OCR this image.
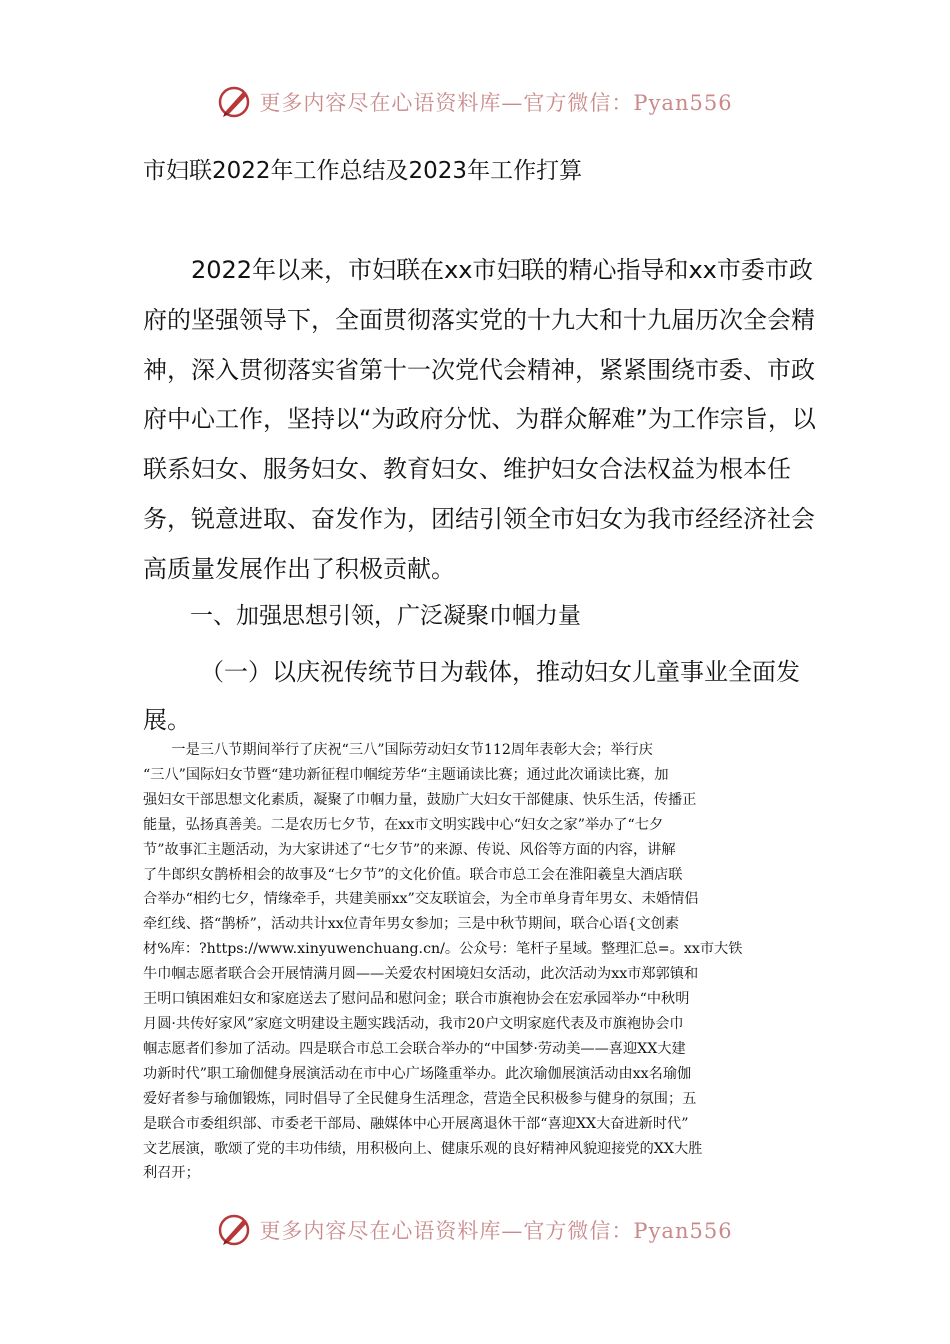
更多内容尽在心语资料库—官方微信：Pyan556
市妇联2022年工作总结及2023年工作打算

2022年以来，市妇联在xx市妇联的精心指导和xx市委市政府的坚强领导下，全面贯彻落实党的十九大和十九届历次全会精神，深入贯彻落实省第十一次党代会精神，紧紧围绕市委、市政府中心工作，坚持以“为政府分忧、为群众解难”为工作宗旨，以联系妇女、服务妇女、教育妇女、维护妇女合法权益为根本任务，锐意进取、奋发作为，团结引领全市妇女为我市经经济社会高质量发展作出了积极贡献。

一、加强思想引领，广泛凝聚巾帼力量
（一）以庆祝传统节日为载体，推动妇女儿童事业全面发展。
　　一是三八节期间举行了庆祝“三八”国际劳动妇女节112周年表彰大会；举行庆
“三八”国际妇女节暨“建功新征程巾帼绽芳华“主题诵读比赛；通过此次诵读比赛，加
强妇女干部思想文化素质，凝聚了巾帼力量，鼓励广大妇女干部健康、快乐生活，传播正
能量，弘扬真善美。二是农历七夕节，在xx市文明实践中心“妇女之家”举办了“七夕
节”故事汇主题活动，为大家讲述了“七夕节”的来源、传说、风俗等方面的内容，讲解
了牛郎织女鹊桥相会的故事及“七夕节”的文化价值。联合市总工会在淮阳羲皇大酒店联
合举办“相约七夕，情缘牵手，共建美丽xx”交友联谊会，为全市单身青年男女、未婚情侣
牵红线、搭“鹊桥”，活动共计xx位青年男女参加；三是中秋节期间，联合心语{文创素
材%库：?https://www.xinyuwenchuang.cn/。公众号：笔杆子星域。整理汇总=。xx市大铁
牛巾帼志愿者联合会开展情满月圆——关爱农村困境妇女活动，此次活动为xx市郑郭镇和
王明口镇困难妇女和家庭送去了慰问品和慰问金；联合市旗袍协会在宏承园举办“中秋明
月圆·共传好家风”家庭文明建设主题实践活动，我市20户文明家庭代表及市旗袍协会巾
帼志愿者们参加了活动。四是联合市总工会联合举办的“中国梦·劳动美——喜迎XX大建
功新时代”职工瑜伽健身展演活动在市中心广场隆重举办。此次瑜伽展演活动由xx名瑜伽
爱好者参与瑜伽锻炼，同时倡导了全民健身生活理念，营造全民积极参与健身的氛围；五
是联合市委组织部、市委老干部局、融媒体中心开展离退休干部“喜迎XX大奋进新时代”
文艺展演，歌颂了党的丰功伟绩，用积极向上、健康乐观的良好精神风貌迎接党的XX大胜
利召开；
更多内容尽在心语资料库—官方微信：Pyan556
